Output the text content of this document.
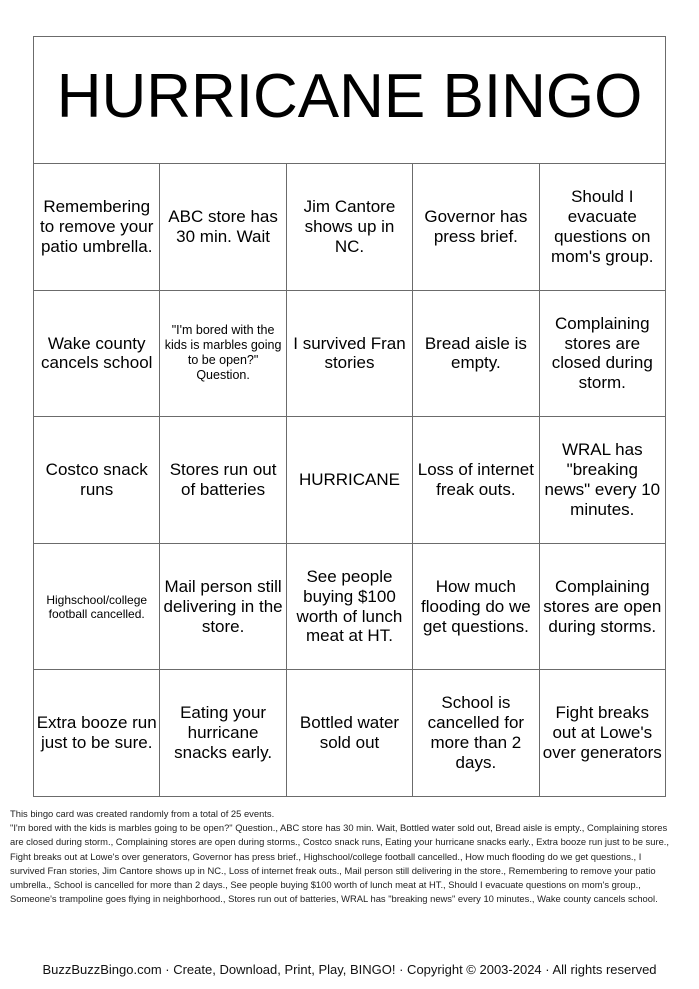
HURRICANE BINGO				
Remembering to remove your patio umbrella.	ABC store has 30 min. Wait	Jim Cantore shows up in NC.	Governor has press brief.	Should I evacuate questions on mom's group.
Wake county cancels school	"I'm bored with the kids is marbles going to be open?" Question.	I survived Fran stories	Bread aisle is empty.	Complaining stores are closed during storm.
Costco snack runs	Stores run out of batteries	HURRICANE	Loss of internet freak outs.	WRAL has "breaking news" every 10 minutes.
Highschool/college football cancelled.	Mail person still delivering in the store.	See people buying $100 worth of lunch meat at HT.	How much flooding do we get questions.	Complaining stores are open during storms.
Extra booze run just to be sure.	Eating your hurricane snacks early.	Bottled water sold out	School is cancelled for more than 2 days.	Fight breaks out at Lowe's over generators

This bingo card was created randomly from a total of 25 events.

"I'm bored with the kids is marbles going to be open?" Question., ABC store has 30 min. Wait, Bottled water sold out, Bread aisle is empty., Complaining stores are closed during storm., Complaining stores are open during storms., Costco snack runs, Eating your hurricane snacks early., Extra booze run just to be sure., Fight breaks out at Lowe's over generators, Governor has press brief., Highschool/college football cancelled., How much flooding do we get questions., I survived Fran stories, Jim Cantore shows up in NC., Loss of internet freak outs., Mail person still delivering in the store., Remembering to remove your patio umbrella., School is cancelled for more than 2 days., See people buying $100 worth of lunch meat at HT., Should I evacuate questions on mom's group., Someone's trampoline goes flying in neighborhood., Stores run out of batteries, WRAL has "breaking news" every 10 minutes., Wake county cancels school.

BuzzBuzzBingo.com · Create, Download, Print, Play, BINGO! · Copyright © 2003-2024 · All rights reserved
